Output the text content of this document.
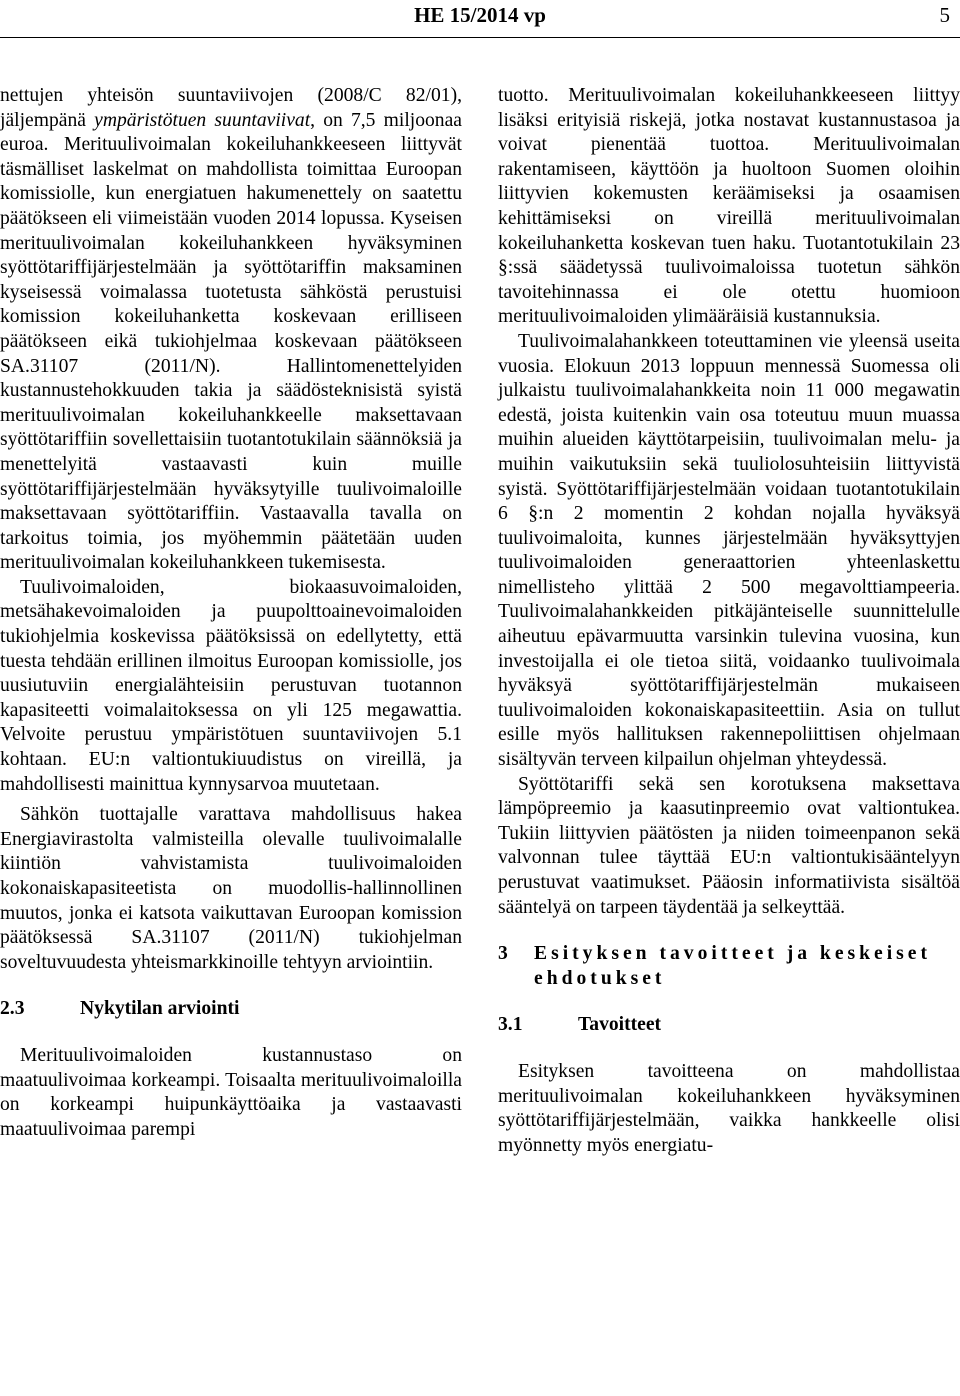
HE 15/2014 vp	5

nettujen yhteisön suuntaviivojen (2008/C 82/01), jäljempänä ympäristötuen suuntaviivat, on 7,5 miljoonaa euroa. Merituulivoimalan kokeiluhankkeeseen liittyvät täsmälliset laskelmat on mahdollista toimittaa Euroopan komissiolle, kun energiatuen hakumenettely on saatettu päätökseen eli viimeistään vuoden 2014 lopussa. Kyseisen merituulivoimalan kokeiluhankkeen hyväksyminen syöttötariffijärjestelmään ja syöttötariffin maksaminen kyseisessä voimalassa tuotetusta sähköstä perustuisi komission kokeiluhanketta koskevaan erilliseen päätökseen eikä tukiohjelmaa koskevaan päätökseen SA.31107 (2011/N). Hallintomenettelyiden kustannustehokkuuden takia ja säädösteknisistä syistä merituulivoimalan kokeiluhankkeelle maksettavaan syöttötariffiin sovellettaisiin tuotantotukilain säännöksiä ja menettelyitä vastaavasti kuin muille syöttötariffijärjestelmään hyväksytyille tuulivoimaloille maksettavaan syöttötariffiin. Vastaavalla tavalla on tarkoitus toimia, jos myöhemmin päätetään uuden merituulivoimalan kokeiluhankkeen tukemisesta.

Tuulivoimaloiden, biokaasuvoimaloiden, metsähakevoimaloiden ja puupolttoainevoimaloiden tukiohjelmia koskevissa päätöksissä on edellytetty, että tuesta tehdään erillinen ilmoitus Euroopan komissiolle, jos uusiutuviin energialähteisiin perustuvan tuotannon kapasiteetti voimalaitoksessa on yli 125 megawattia. Velvoite perustuu ympäristötuen suuntaviivojen 5.1 kohtaan. EU:n valtiontukiuudistus on vireillä, ja mahdollisesti mainittua kynnysarvoa muutetaan.

Sähkön tuottajalle varattava mahdollisuus hakea Energiavirastolta valmisteilla olevalle tuulivoimalalle kiintiön vahvistamista tuulivoimaloiden kokonaiskapasiteetista on muodollis-hallinnollinen muutos, jonka ei katsota vaikuttavan Euroopan komission päätöksessä SA.31107 (2011/N) tukiohjelman soveltuvuudesta yhteismarkkinoille tehtyyn arviointiin.

2.3	Nykytilan arviointi

Merituulivoimaloiden kustannustaso on maatuulivoimaa korkeampi. Toisaalta merituulivoimaloilla on korkeampi huipunkäyttöaika ja vastaavasti maatuulivoimaa parempi

tuotto. Merituulivoimalan kokeiluhankkeeseen liittyy lisäksi erityisiä riskejä, jotka nostavat kustannustasoa ja voivat pienentää tuottoa. Merituulivoimalan rakentamiseen, käyttöön ja huoltoon Suomen oloihin liittyvien kokemusten keräämiseksi ja osaamisen kehittämiseksi on vireillä merituulivoimalan kokeiluhanketta koskevan tuen haku. Tuotantotukilain 23 §:ssä säädetyssä tuulivoimaloissa tuotetun sähkön tavoitehinnassa ei ole otettu huomioon merituulivoimaloiden ylimääräisiä kustannuksia.

Tuulivoimalahankkeen toteuttaminen vie yleensä useita vuosia. Elokuun 2013 loppuun mennessä Suomessa oli julkaistu tuulivoimalahankkeita noin 11 000 megawatin edestä, joista kuitenkin vain osa toteutuu muun muassa muihin alueiden käyttötarpeisiin, tuulivoimalan melu- ja muihin vaikutuksiin sekä tuuliolosuhteisiin liittyvistä syistä. Syöttötariffijärjestelmään voidaan tuotantotukilain 6 §:n 2 momentin 2 kohdan nojalla hyväksyä tuulivoimaloita, kunnes järjestelmään hyväksyttyjen tuulivoimaloiden generaattorien yhteenlaskettu nimellisteho ylittää 2 500 megavolttiampeeria. Tuulivoimalahankkeiden pitkäjänteiselle suunnittelulle aiheutuu epävarmuutta varsinkin tulevina vuosina, kun investoijalla ei ole tietoa siitä, voidaanko tuulivoimala hyväksyä syöttötariffijärjestelmän mukaiseen tuulivoimaloiden kokonaiskapasiteettiin. Asia on tullut esille myös hallituksen rakennepoliittisen ohjelmaan sisältyvän terveen kilpailun ohjelman yhteydessä.

Syöttötariffi sekä sen korotuksena maksettava lämpöpreemio ja kaasutinpreemio ovat valtiontukea. Tukiin liittyvien päätösten ja niiden toimeenpanon sekä valvonnan tulee täyttää EU:n valtiontukisääntelyyn perustuvat vaatimukset. Pääosin informatiivista sisältöä sääntelyä on tarpeen täydentää ja selkeyttää.

3	Esityksen tavoitteet ja keskeiset ehdotukset
3.1	Tavoitteet

Esityksen tavoitteena on mahdollistaa merituulivoimalan kokeiluhankkeen hyväksyminen syöttötariffijärjestelmään, vaikka hankkeelle olisi myönnetty myös energiatu-
